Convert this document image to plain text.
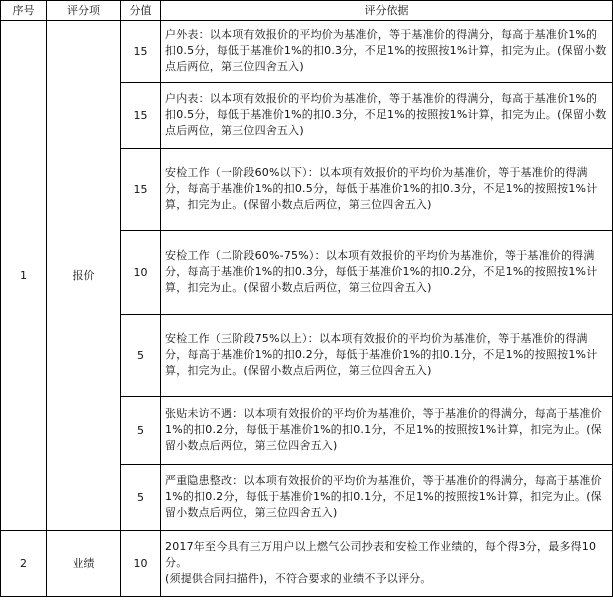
序号	评分项	分值	评分依据
1	报价	15	户外表：以本项有效报价的平均价为基准价，等于基准价的得满分，每高于基准价1%的扣0.5分，每低于基准价1%的扣0.3分，不足1%的按照按1%计算，扣完为止。(保留小数点后两位，第三位四舍五入)
		15	户内表：以本项有效报价的平均价为基准价，等于基准价的得满分，每高于基准价1%的扣0.5分，每低于基准价1%的扣0.3分，不足1%的按照按1%计算，扣完为止。(保留小数点后两位，第三位四舍五入)
		15	安检工作（一阶段60%以下）：以本项有效报价的平均价为基准价，等于基准价的得满分，每高于基准价1%的扣0.5分，每低于基准价1%的扣0.3分，不足1%的按照按1%计算，扣完为止。(保留小数点后两位，第三位四舍五入)
		10	安检工作（二阶段60%-75%）：以本项有效报价的平均价为基准价，等于基准价的得满分，每高于基准价1%的扣0.3分，每低于基准价1%的扣0.2分，不足1%的按照按1%计算，扣完为止。(保留小数点后两位，第三位四舍五入)
		5	安检工作（三阶段75%以上）：以本项有效报价的平均价为基准价，等于基准价的得满分，每高于基准价1%的扣0.2分，每低于基准价1%的扣0.1分，不足1%的按照按1%计算，扣完为止。(保留小数点后两位，第三位四舍五入)
		5	张贴未访不遇：以本项有效报价的平均价为基准价，等于基准价的得满分，每高于基准价1%的扣0.2分，每低于基准价1%的扣0.1分，不足1%的按照按1%计算，扣完为止。(保留小数点后两位，第三位四舍五入)
		5	严重隐患整改：以本项有效报价的平均价为基准价，等于基准价的得满分，每高于基准价1%的扣0.2分，每低于基准价1%的扣0.1分，不足1%的按照按1%计算，扣完为止。(保留小数点后两位，第三位四舍五入)
2	业绩	10	2017年至今具有三万用户以上燃气公司抄表和安检工作业绩的，每个得3分，最多得10分。
(须提供合同扫描件)，不符合要求的业绩不予以评分。
